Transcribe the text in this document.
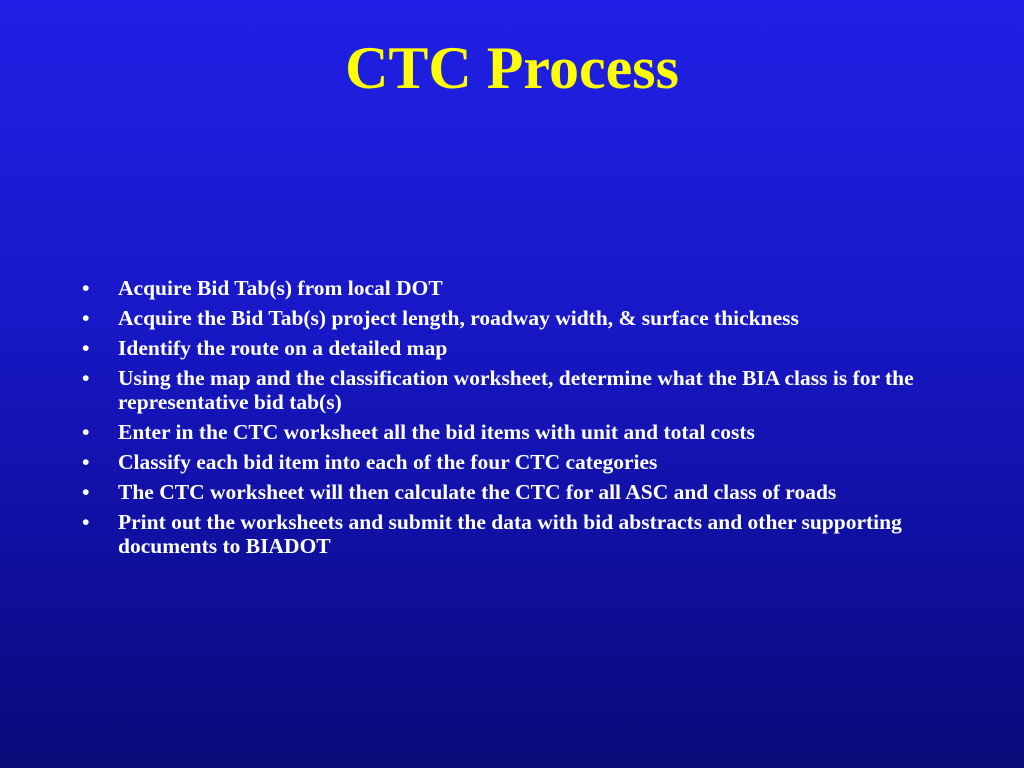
CTC Process
•	Acquire Bid Tab(s) from local DOT
•	Acquire the Bid Tab(s) project length, roadway width, & surface thickness
•	Identify the route on a detailed map
•	Using the map and the classification worksheet, determine what the BIA class is for the representative bid tab(s)
•	Enter in the CTC worksheet all the bid items with unit and total costs
•	Classify each bid item into each of the four CTC categories
•	The CTC worksheet will then calculate the CTC for all ASC and class of roads
•	Print out the worksheets and submit the data with bid abstracts and other supporting documents to BIADOT
